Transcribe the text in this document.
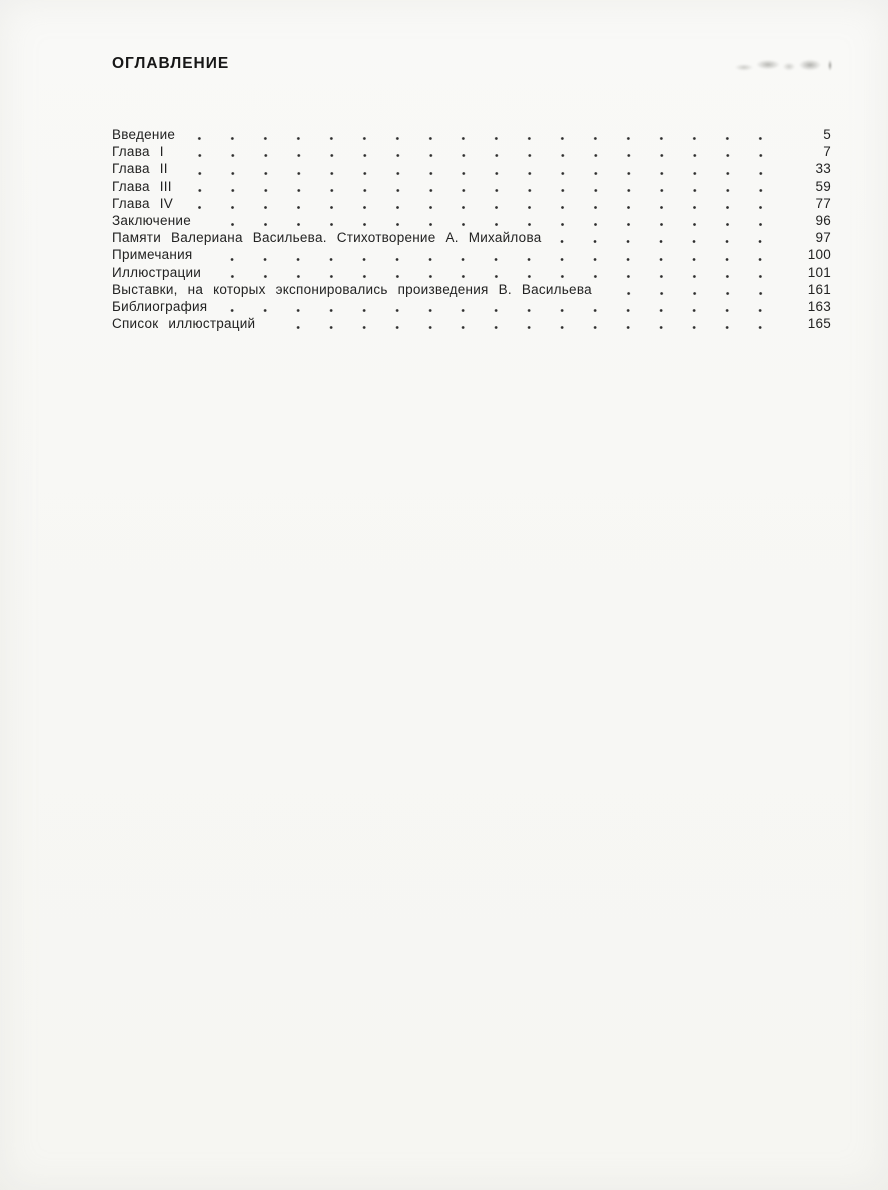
ОГЛАВЛЕНИЕ
Введение	5
Глава I	7
Глава II	33
Глава III	59
Глава IV	77
Заключение	96
Памяти Валериана Васильева. Стихотворение А. Михайлова	97
Примечания	100
Иллюстрации	101
Выставки, на которых экспонировались произведения В. Васильева	161
Библиография	163
Список иллюстраций	165
